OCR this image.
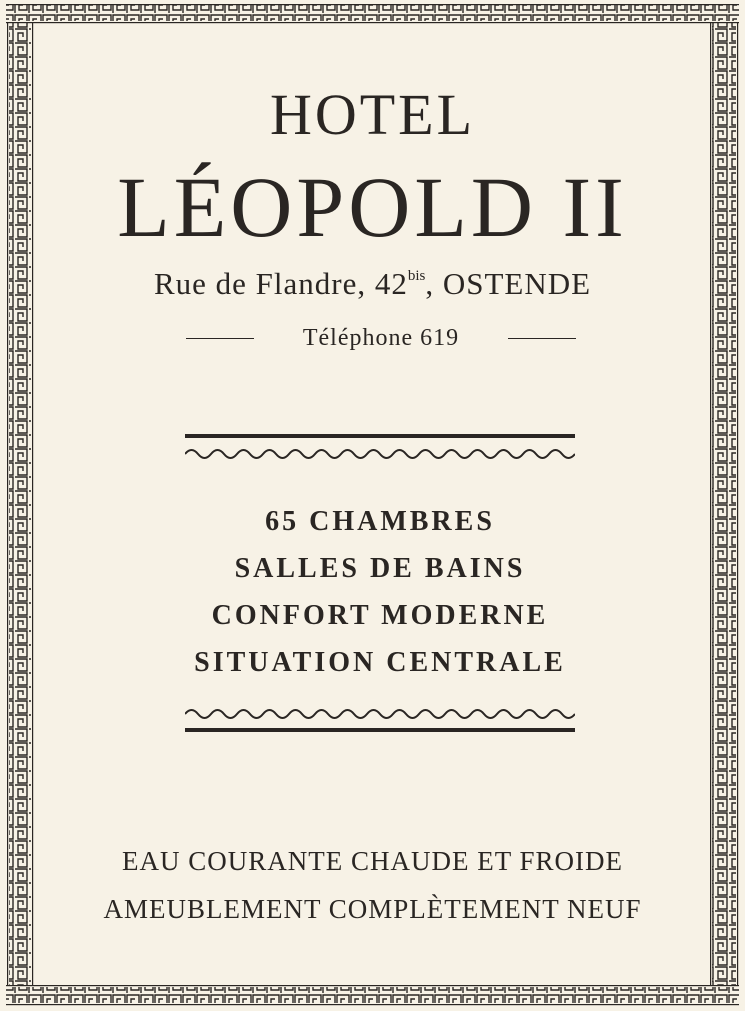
HOTEL
LÉOPOLD II
Rue de Flandre, $42^{bis}$, OSTENDE
Téléphone 619
65 CHAMBRES
SALLES DE BAINS
CONFORT MODERNE
SITUATION CENTRALE
EAU COURANTE CHAUDE ET FROIDE
AMEUBLEMENT COMPLÈTEMENT NEUF
